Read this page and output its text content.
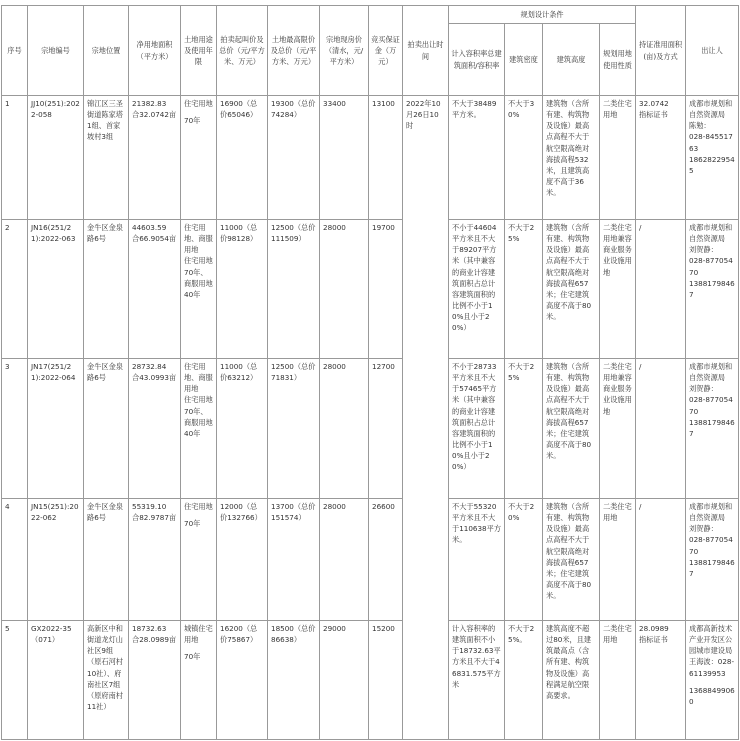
序号	宗地编号	宗地位置	净用地面积（平方米）	土地用途及使用年限	拍卖起叫价及总价（元/平方米、万元）	土地最高限价及总价（元/平方米、万元）	宗地现房价（清水，元/平方米）	竞买保证金（万元）	拍卖出让时间	规划设计条件				持证准用面积(亩)及方式	出让人
										计入容积率总建筑面积/容积率	建筑密度	建筑高度	规划用地使用性质		
1	JJ10(251):2022-058	锦江区三圣街道陈家塔1组、首家坡村3组	21382.83
合32.0742亩	住宅用地
70年	16900（总价65046）	19300（总价74284）	33400	13100	2022年10月26日10时	不大于38489平方米。	不大于30%	建筑物（含所有建、构筑物及设施）最高点高程不大于航空限高绝对海拔高程532米，且建筑高度不高于36米。	二类住宅用地	32.0742
指标证书	成都市规划和自然资源局
陈勉：
028-84551763
18628229545

2	JN16(251/21):2022-063	金牛区金泉路6号	44603.59
合66.9054亩	住宅用地、商服用地
住宅用地70年、
商服用地40年	11000（总价98128）	12500（总价111509）	28000	19700		不小于44604平方米且不大于89207平方米（其中兼容的商业计容建筑面积占总计容建筑面积的比例不小于10%且小于20%）	不大于25%	建筑物（含所有建、构筑物及设施）最高点高程不大于航空限高绝对海拔高程657米；住宅建筑高度不高于80米。	二类住宅用地兼容商业服务业设施用地	/	成都市规划和自然资源局
刘贺静：
028-87705470
13881798467

3	JN17(251/21):2022-064	金牛区金泉路6号	28732.84
合43.0993亩	住宅用地、商服用地
住宅用地70年、
商服用地40年	11000（总价63212）	12500（总价71831）	28000	12700		不小于28733平方米且不大于57465平方米（其中兼容的商业计容建筑面积占总计容建筑面积的比例不小于10%且小于20%）	不大于25%	建筑物（含所有建、构筑物及设施）最高点高程不大于航空限高绝对海拔高程657米；住宅建筑高度不高于80米。	二类住宅用地兼容商业服务业设施用地	/	成都市规划和自然资源局
刘贺静：
028-87705470
13881798467

4	JN15(251):2022-062	金牛区金泉路6号	55319.10
合82.9787亩	住宅用地
70年	12000（总价132766）	13700（总价151574）	28000	26600		不大于55320平方米且不大于110638平方米。	不大于20%	建筑物（含所有建、构筑物及设施）最高点高程不大于航空限高绝对海拔高程657米；住宅建筑高度不高于80米。	二类住宅用地	/	成都市规划和自然资源局
刘贺静：
028-87705470
13881798467

5	GX2022-35（071）	高新区中和街道龙灯山社区9组（原石河村10社）、府南社区7组（原府南村11社）	18732.63
合28.0989亩	城镇住宅用地
70年	16200（总价75867）	18500（总价86638）	29000	15200		计入容积率的建筑面积不小于18732.63平方米且不大于46831.575平方米	不大于25%。	建筑高度不超过80米，且建筑最高点（含所有建、构筑物及设施）高程满足航空限高要求。	二类住宅用地	28.0989
指标证书	成都高新技术产业开发区公园城市建设局王海波：028-61139953
13688499060
